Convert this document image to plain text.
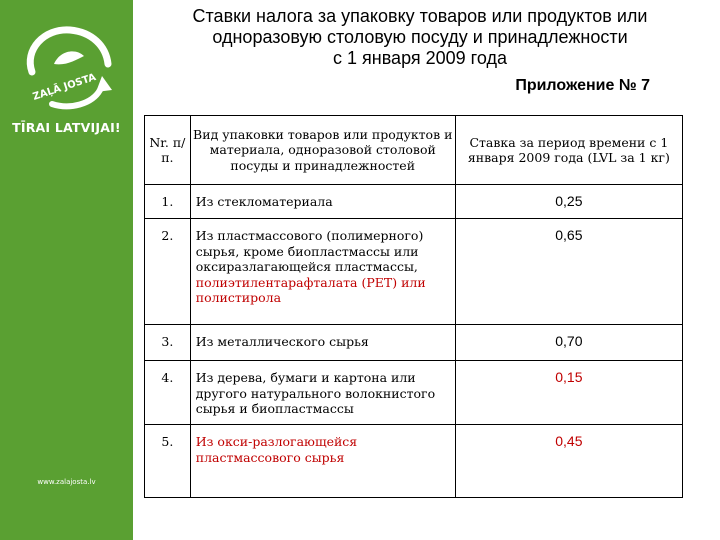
ZAĻĀ JOSTA
TĪRAI LATVIJAI!
www.zalajosta.lv
Ставки налога за упаковку товаров или продуктов или
одноразовую столовую посуду и принадлежности
с 1 января 2009 года
Приложение № 7
Nr. п/п.	Вид упаковки товаров или продуктов и материала, одноразовой столовой посуды и принадлежностей	Ставка за период времени с 1 января 2009 года (LVL за 1 кг)

1.	Из стекломатериала	0,25

2.	Из пластмассового (полимерного) сырья, кроме биопластмассы или оксиразлагающейся пластмассы, полиэтилентарафталата (PET) или полистирола	0,65

3.	Из металлического сырья	0,70

4.	Из дерева, бумаги и картона или другого натурального волокнистого сырья и биопластмассы	0,15

5.	Из окси-разлогающейся пластмассового сырья	0,45
